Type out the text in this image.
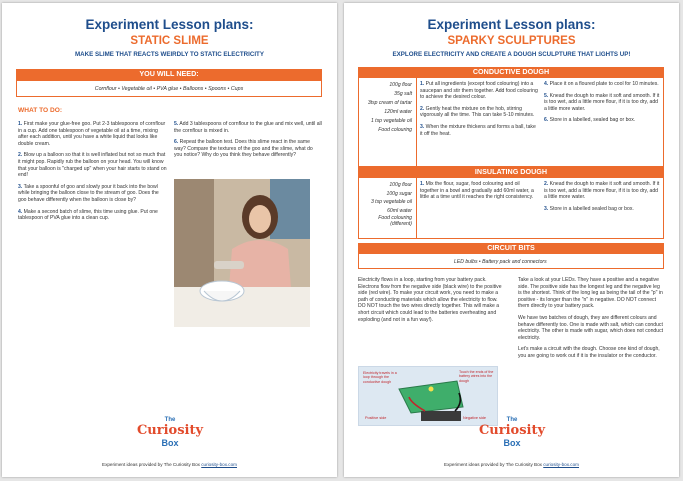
Experiment Lesson plans:
STATIC SLIME
MAKE SLIME THAT REACTS WEIRDLY TO STATIC ELECTRICITY
YOU WILL NEED:
Cornflour • Vegetable oil • PVA glue • Balloons • Spoons • Cups
WHAT TO DO:
1. First make your glue-free goo. Put 2-3 tablespoons of cornflour in a cup. Add one tablespoon of vegetable oil at a time, mixing after each addition, until you have a white liquid that looks like double cream.
2. Blow up a balloon so that it is well inflated but not so much that it might pop. Rapidly rub the balloon on your head. You will know that your balloon is "charged up" when your hair starts to stand on end!
3. Take a spoonful of goo and slowly pour it back into the bowl while bringing the balloon close to the stream of goo. Does the goo behave differently when the balloon is close by?
4. Make a second batch of slime, this time using glue. Put one tablespoon of PVA glue into a clean cup.
5. Add 3 tablespoons of cornflour to the glue and mix well, until all the cornflour is mixed in.
6. Repeat the balloon test. Does this slime react in the same way? Compare the textures of the goo and the slime, what do you notice? Why do you think they behave differently?
The
Curiosity
Box
Experiment ideas provided by The Curiosity Box curiosity-box.com
Experiment Lesson plans:
SPARKY SCULPTURES
EXPLORE ELECTRICITY AND CREATE A DOUGH SCULPTURE THAT LIGHTS UP!
CONDUCTIVE DOUGH
100g flour
35g salt
3tsp cream of tartar
120ml water
1 tsp vegetable oil
Food colouring
1. Put all ingredients (except food colouring) into a saucepan and stir them together. Add food colouring to achieve the desired colour.
2. Gently heat the mixture on the hob, stirring vigorously all the time. This can take 5-10 minutes.
3. When the mixture thickens and forms a ball, take it off the heat.
4. Place it on a floured plate to cool for 10 minutes.
5. Knead the dough to make it soft and smooth. If it is too wet, add a little more flour, if it is too dry, add a little more water.
6. Store in a labelled, sealed bag or box.
INSULATING DOUGH
100g flour
100g sugar
3 tsp vegetable oil
60ml water
Food colouring (different)
1. Mix the flour, sugar, food colouring and oil together in a bowl and gradually add 60ml water, a little at a time until it reaches the right consistency.
2. Knead the dough to make it soft and smooth. If it is too wet, add a little more flour, if it is too dry, add a little more water.
3. Store in a labelled sealed bag or box.
CIRCUIT BITS
LED bulbs • Battery pack and connectors
Electricity flows in a loop, starting from your battery pack. Electrons flow from the negative side (black wire) to the positive side (red wire). To make your circuit work, you need to make a path of conducting materials which allow the electricity to flow. DO NOT touch the two wires directly together. This will make a short circuit which could lead to the batteries overheating and exploding (and not in a fun way!).
Electricity travels in a loop through the conductive dough
Touch the ends of the battery wires into the dough
Positive side	Negative side
Take a look at your LEDs. They have a positive and a negative side. The positive side has the longest leg and the negative leg is the shortest. Think of the long leg as being the tail of the "p" in positive - its longer than the "n" in negative. DO NOT connect them directly to your battery pack.
We have two batches of dough, they are different colours and behave differently too. One is made with salt, which can conduct electricity. The other is made with sugar, which does not conduct electricity.
Let's make a circuit with the dough. Choose one kind of dough, you are going to work out if it is the insulator or the conductor.
The
Curiosity
Box
Experiment ideas provided by The Curiosity Box curiosity-box.com
